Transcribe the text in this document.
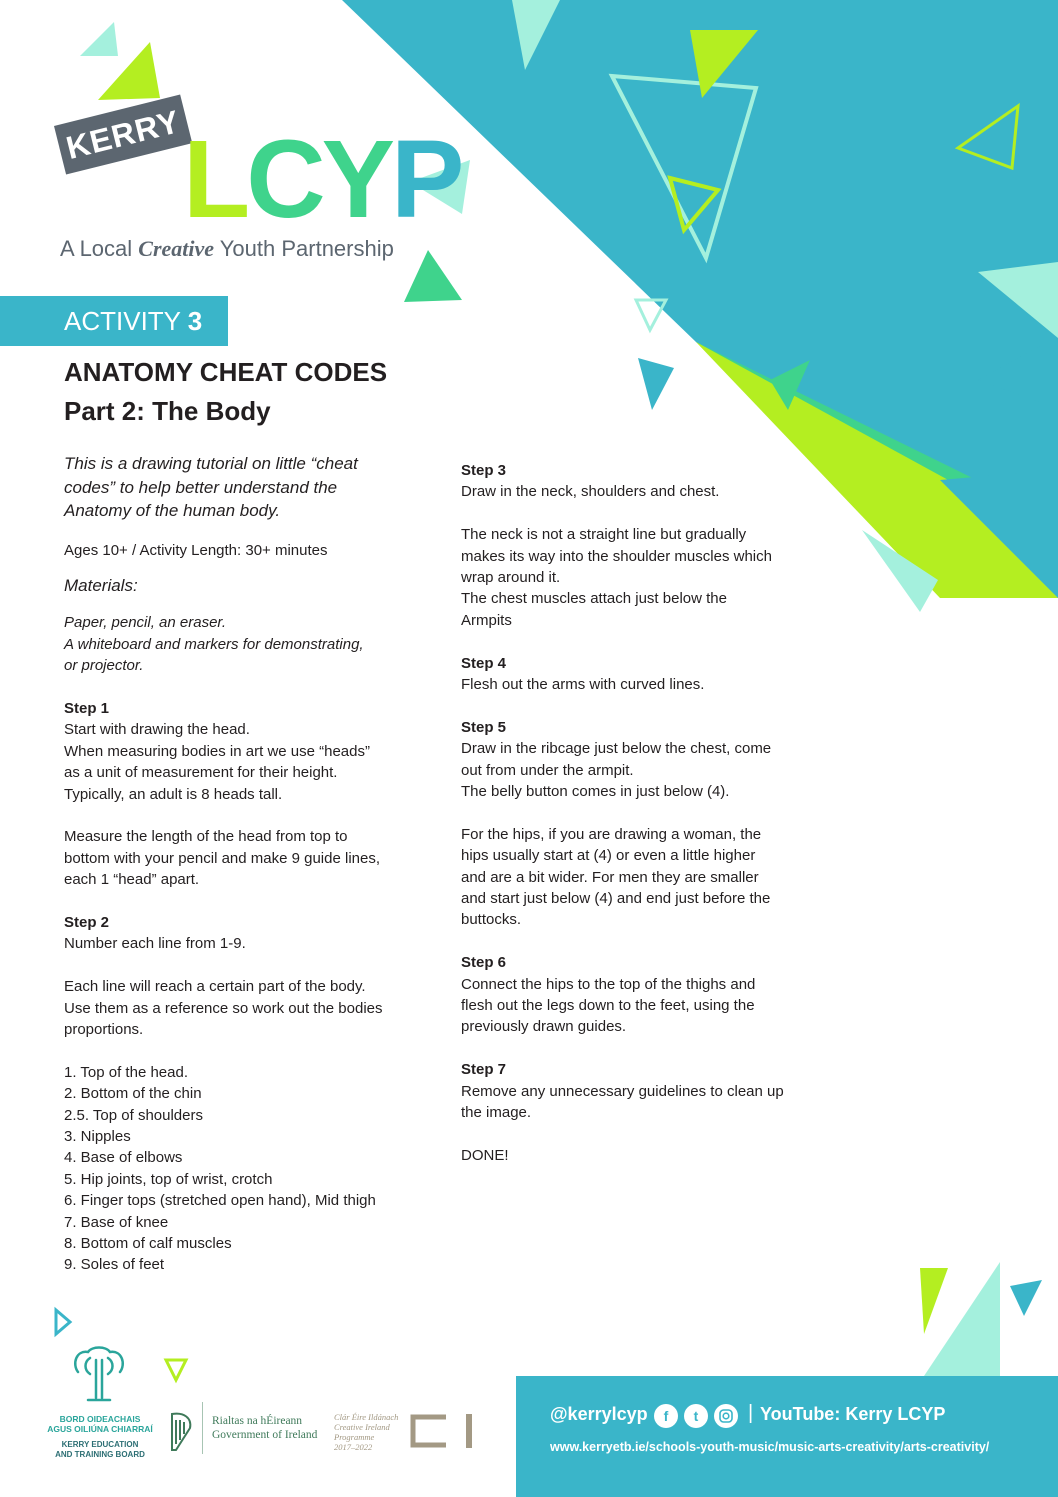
KERRY LCYP
A Local Creative Youth Partnership
ACTIVITY 3
ANATOMY CHEAT CODES
Part 2: The Body

This is a drawing tutorial on little “cheat

codes” to help better understand the

Anatomy of the human body.

Ages 10+ / Activity Length: 30+ minutes

Materials:

Paper, pencil, an eraser.

A whiteboard and markers for demonstrating,

or projector.

Step 1

Start with drawing the head.

When measuring bodies in art we use “heads”

as a unit of measurement for their height.

Typically, an adult is 8 heads tall.

Measure the length of the head from top to

bottom with your pencil and make 9 guide lines,

each 1 “head” apart.

Step 2

Number each line from 1-9.

Each line will reach a certain part of the body.

Use them as a reference so work out the bodies

proportions.

1. Top of the head.

2. Bottom of the chin

2.5. Top of shoulders

3. Nipples

4. Base of elbows

5. Hip joints, top of wrist, crotch

6. Finger tops (stretched open hand), Mid thigh

7. Base of knee

8. Bottom of calf muscles

9. Soles of feet

Step 3

Draw in the neck, shoulders and chest.

The neck is not a straight line but gradually

makes its way into the shoulder muscles which

wrap around it.

The chest muscles attach just below the

Armpits

Step 4

Flesh out the arms with curved lines.

Step 5

Draw in the ribcage just below the chest, come

out from under the armpit.

The belly button comes in just below (4).

For the hips, if you are drawing a woman, the

hips usually start at (4) or even a little higher

and are a bit wider. For men they are smaller

and start just below (4) and end just before the

buttocks.

Step 6

Connect the hips to the top of the thighs and

flesh out the legs down to the feet, using the

previously drawn guides.

Step 7

Remove any unnecessary guidelines to clean up

the image.

DONE!

BORD OIDEACHAIS
AGUS OILIÚNA CHIARRAÍ
KERRY EDUCATION
AND TRAINING BOARD
Rialtas na hÉireann
Government of Ireland
Clár Éire Ildánach
Creative Ireland
Programme
2017–2022
@kerrylcyp	f	t	| YouTube: Kerry LCYP
www.kerryetb.ie/schools-youth-music/music-arts-creativity/arts-creativity/
